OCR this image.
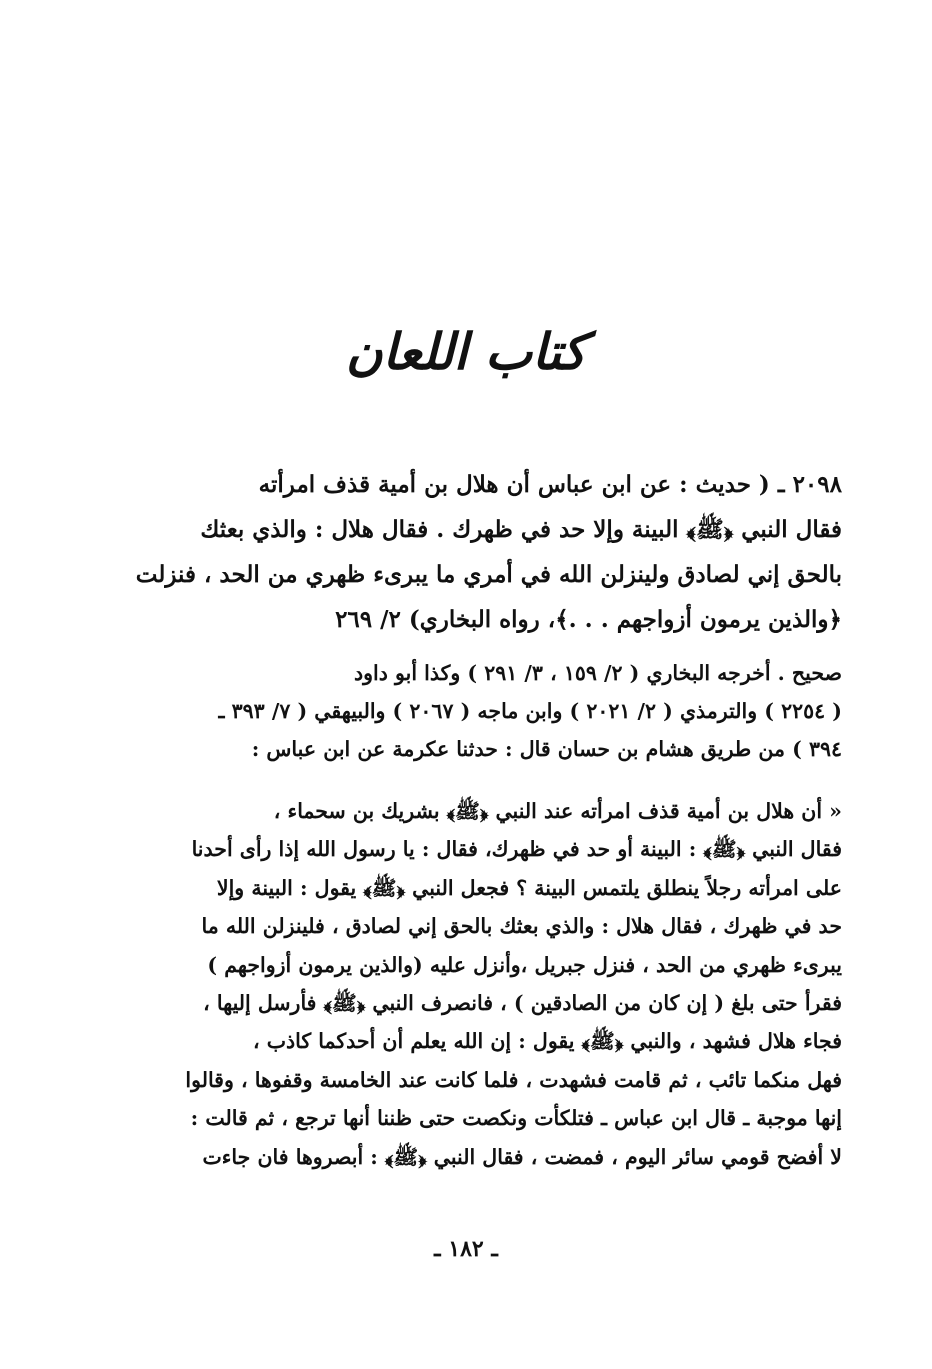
كتاب اللعان
٢٠٩٨ ـ ( حديث : عن ابن عباس أن هلال بن أمية قذف امرأته
فقال النبي ﴿ﷺ﴾ البينة وإلا حد في ظهرك . فقال هلال : والذي بعثك
بالحق إني لصادق ولينزلن الله في أمري ما يبرىء ظهري من الحد ، فنزلت
﴿والذين يرمون أزواجهم . . .﴾، رواه البخاري) ٢/ ٢٦٩
صحيح . أخرجه البخاري ( ٢/ ١٥٩ ، ٣/ ٢٩١ ) وكذا أبو داود
( ٢٢٥٤ ) والترمذي ( ٢/ ٢٠٢١ ) وابن ماجه ( ٢٠٦٧ ) والبيهقي ( ٧/ ٣٩٣ ـ
٣٩٤ ) من طريق هشام بن حسان قال : حدثنا عكرمة عن ابن عباس :
« أن هلال بن أمية قذف امرأته عند النبي ﴿ﷺ﴾ بشريك بن سحماء ،
فقال النبي ﴿ﷺ﴾ : البينة أو حد في ظهرك، فقال : يا رسول الله إذا رأى أحدنا
على امرأته رجلاً ينطلق يلتمس البينة ؟ فجعل النبي ﴿ﷺ﴾ يقول : البينة وإلا
حد في ظهرك ، فقال هلال : والذي بعثك بالحق إني لصادق ، فلينزلن الله ما
يبرىء ظهري من الحد ، فنزل جبريل ،وأنزل عليه (والذين يرمون أزواجهم )
فقرأ حتى بلغ ( إن كان من الصادقين ) ، فانصرف النبي ﴿ﷺ﴾ فأرسل إليها ،
فجاء هلال فشهد ، والنبي ﴿ﷺ﴾ يقول : إن الله يعلم أن أحدكما كاذب ،
فهل منكما تائب ، ثم قامت فشهدت ، فلما كانت عند الخامسة وقفوها ، وقالوا
إنها موجبة ـ قال ابن عباس ـ فتلكأت ونكصت حتى ظننا أنها ترجع ، ثم قالت :
لا أفضح قومي سائر اليوم ، فمضت ، فقال النبي ﴿ﷺ﴾ : أبصروها فان جاءت
ـ ١٨٢ ـ
